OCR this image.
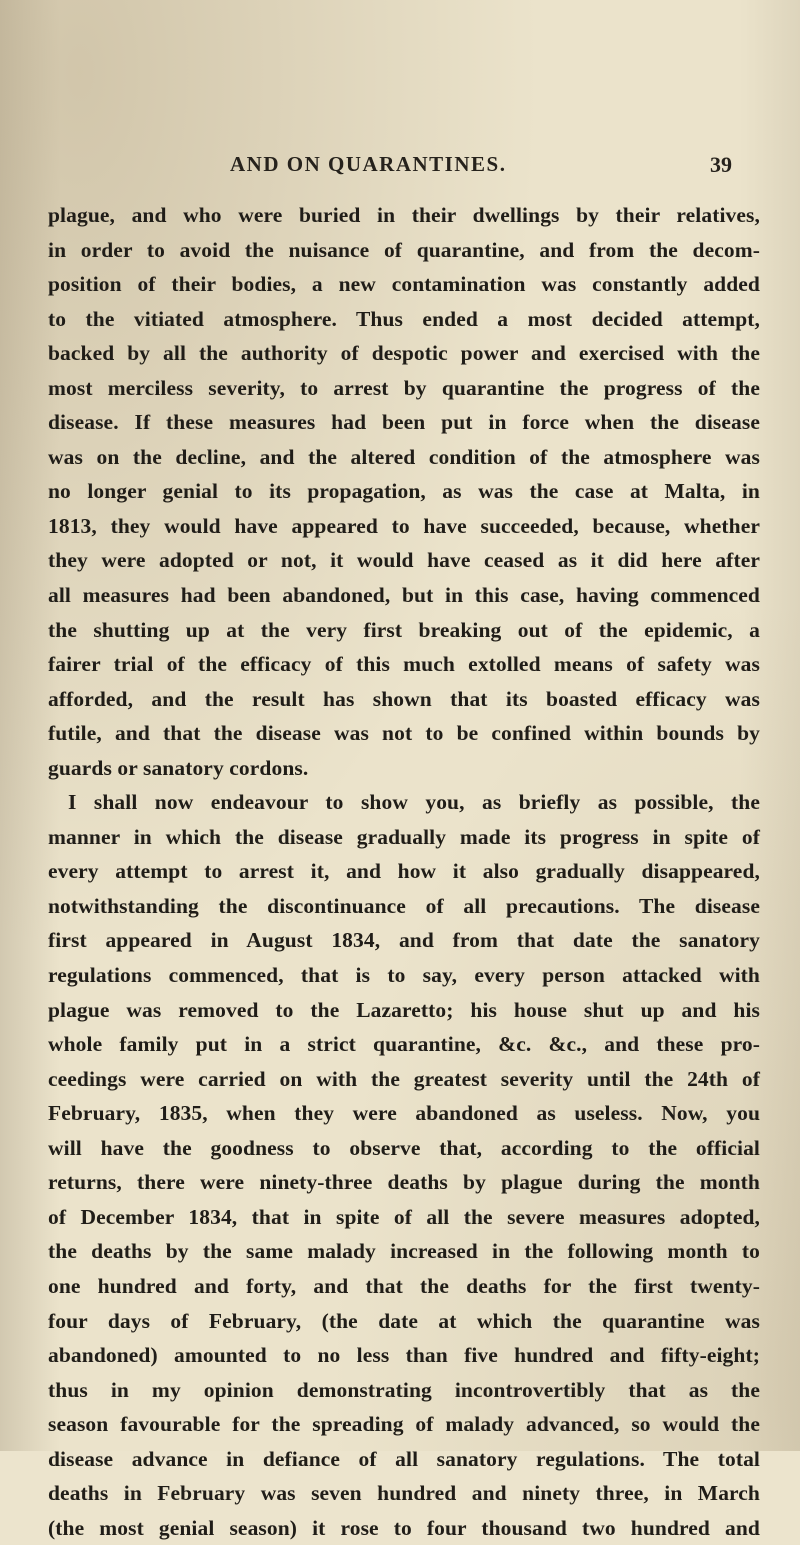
AND ON QUARANTINES.	39
plague, and who were buried in their dwellings by their relatives,
in order to avoid the nuisance of quarantine, and from the decom-
position of their bodies, a new contamination was constantly added
to the vitiated atmosphere. Thus ended a most decided attempt,
backed by all the authority of despotic power and exercised with the
most merciless severity, to arrest by quarantine the progress of the
disease. If these measures had been put in force when the disease
was on the decline, and the altered condition of the atmosphere was
no longer genial to its propagation, as was the case at Malta, in
1813, they would have appeared to have succeeded, because, whether
they were adopted or not, it would have ceased as it did here after
all measures had been abandoned, but in this case, having commenced
the shutting up at the very first breaking out of the epidemic, a
fairer trial of the efficacy of this much extolled means of safety was
afforded, and the result has shown that its boasted efficacy was
futile, and that the disease was not to be confined within bounds by
guards or sanatory cordons.
I shall now endeavour to show you, as briefly as possible, the
manner in which the disease gradually made its progress in spite of
every attempt to arrest it, and how it also gradually disappeared,
notwithstanding the discontinuance of all precautions. The disease
first appeared in August 1834, and from that date the sanatory
regulations commenced, that is to say, every person attacked with
plague was removed to the Lazaretto; his house shut up and his
whole family put in a strict quarantine, &c. &c., and these pro-
ceedings were carried on with the greatest severity until the 24th of
February, 1835, when they were abandoned as useless. Now, you
will have the goodness to observe that, according to the official
returns, there were ninety-three deaths by plague during the month
of December 1834, that in spite of all the severe measures adopted,
the deaths by the same malady increased in the following month to
one hundred and forty, and that the deaths for the first twenty-
four days of February, (the date at which the quarantine was
abandoned) amounted to no less than five hundred and fifty-eight;
thus in my opinion demonstrating incontrovertibly that as the
season favourable for the spreading of malady advanced, so would the
disease advance in defiance of all sanatory regulations. The total
deaths in February was seven hundred and ninety three, in March
(the most genial season) it rose to four thousand two hundred and
